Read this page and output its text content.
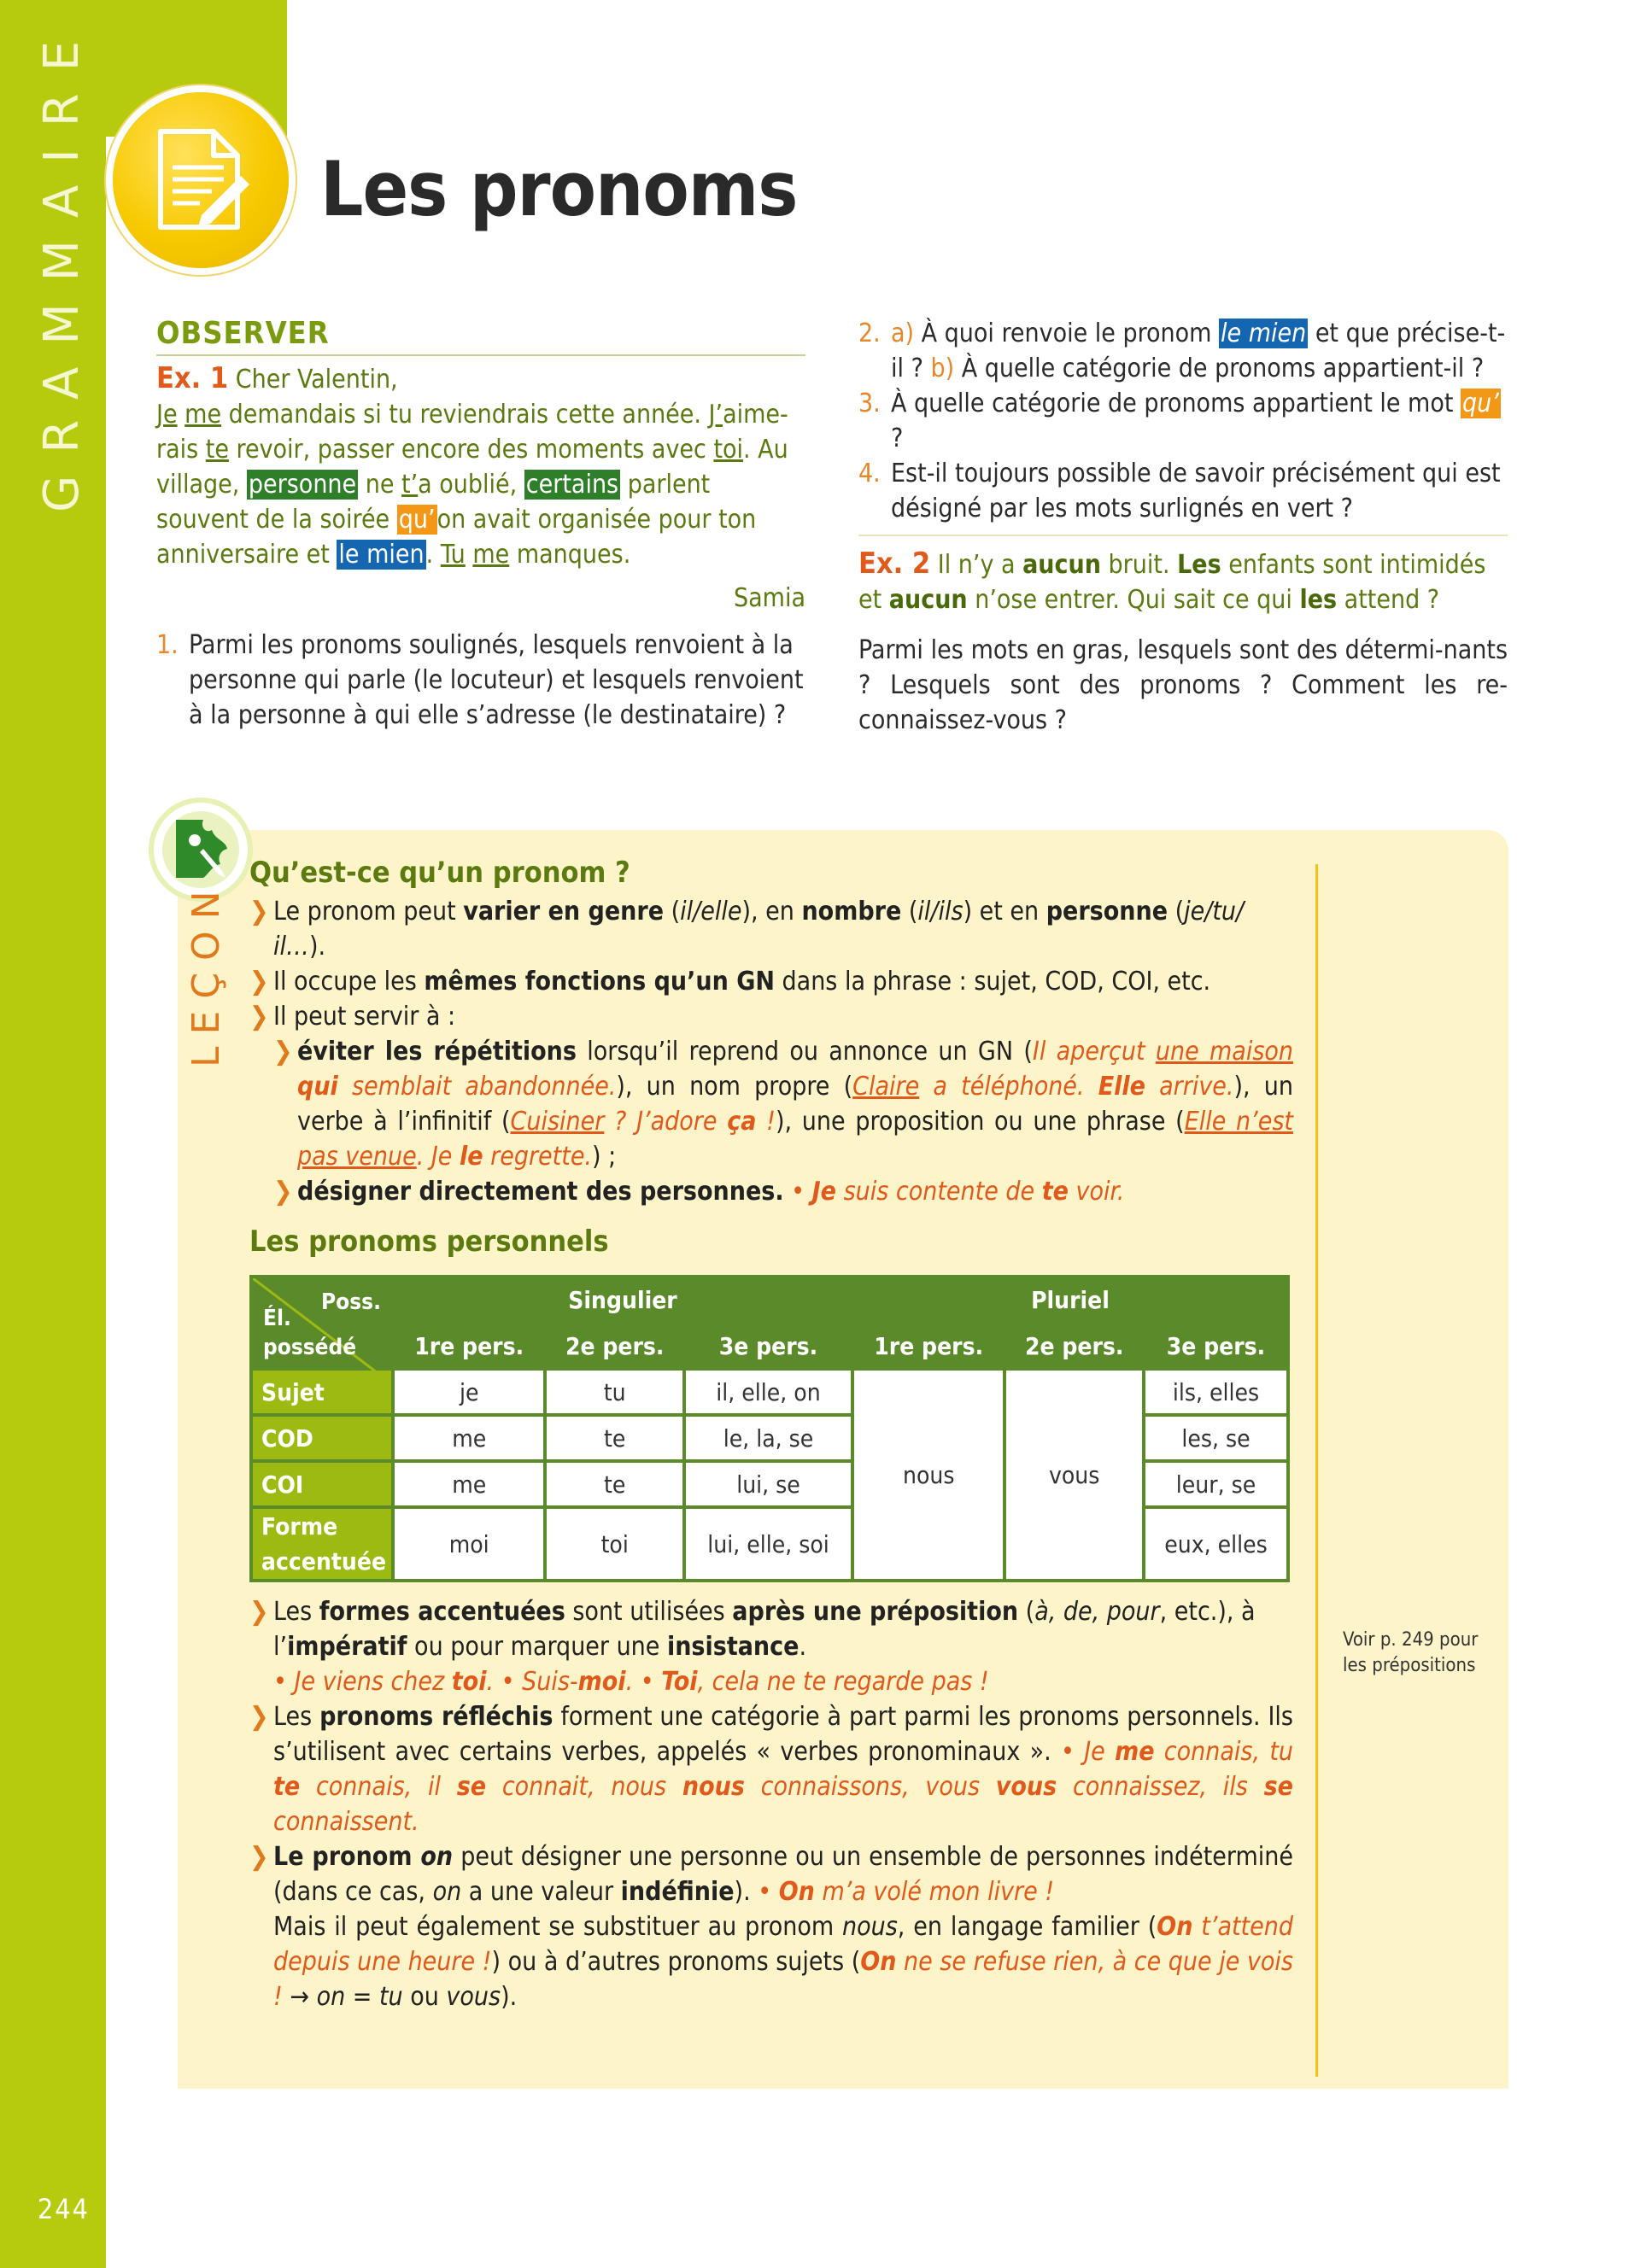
GRAMMAIRE
244
Les pronoms
OBSERVER
Ex. 1 Cher Valentin,
Je me demandais si tu reviendrais cette année. J’aime- rais te revoir, passer encore des moments avec toi. Au village, personne ne t’a oublié, certains parlent souvent de la soirée qu’on avait organisée pour ton anniversaire et le mien. Tu me manques.
Samia
1. Parmi les pronoms soulignés, lesquels renvoient à la personne qui parle (le locuteur) et lesquels renvoient à la personne à qui elle s’adresse (le destinataire) ?
2. a) À quoi renvoie le pronom le mien et que précise-t-il ? b) À quelle catégorie de pronoms appartient-il ?
3. À quelle catégorie de pronoms appartient le mot qu’ ?
4. Est-il toujours possible de savoir précisément qui est désigné par les mots surlignés en vert ?
Ex. 2 Il n’y a aucun bruit. Les enfants sont intimidés et aucun n’ose entrer. Qui sait ce qui les attend ?
Parmi les mots en gras, lesquels sont des détermi-nants ? Lesquels sont des pronoms ? Comment les re-connaissez-vous ?
LEÇON
Voir p. 249 pour les prépositions
Qu’est-ce qu’un pronom ?
❯ Le pronom peut varier en genre (il/elle), en nombre (il/ils) et en personne (je/tu/ il…).
❯ Il occupe les mêmes fonctions qu’un GN dans la phrase : sujet, COD, COI, etc.
❯ Il peut servir à :
❯ éviter les répétitions lorsqu’il reprend ou annonce un GN (Il aperçut une maison qui semblait abandonnée.), un nom propre (Claire a téléphoné. Elle arrive.), un verbe à l’infinitif (Cuisiner ? J’adore ça !), une proposition ou une phrase (Elle n’est pas venue. Je le regrette.) ;
❯ désigner directement des personnes. • Je suis contente de te voir.
Les pronoms personnels
Poss.
Él.
possédé	Singulier			Pluriel		
	1re pers.	2e pers.	3e pers.	1re pers.	2e pers.	3e pers.
Sujet	je	tu	il, elle, on	nous	vous	ils, elles
COD	me	te	le, la, se			les, se
COI	me	te	lui, se			leur, se
Forme accentuée	moi	toi	lui, elle, soi			eux, elles
❯ Les formes accentuées sont utilisées après une préposition (à, de, pour, etc.), à l’impératif ou pour marquer une insistance.
• Je viens chez toi. • Suis-moi. • Toi, cela ne te regarde pas !
❯ Les pronoms réfléchis forment une catégorie à part parmi les pronoms personnels. Ils s’utilisent avec certains verbes, appelés « verbes pronominaux ». • Je me connais, tu te connais, il se connait, nous nous connaissons, vous vous connaissez, ils se connaissent.
❯ Le pronom on peut désigner une personne ou un ensemble de personnes indéterminé (dans ce cas, on a une valeur indéfinie). • On m’a volé mon livre !
Mais il peut également se substituer au pronom nous, en langage familier (On t’attend depuis une heure !) ou à d’autres pronoms sujets (On ne se refuse rien, à ce que je vois ! → on = tu ou vous).
